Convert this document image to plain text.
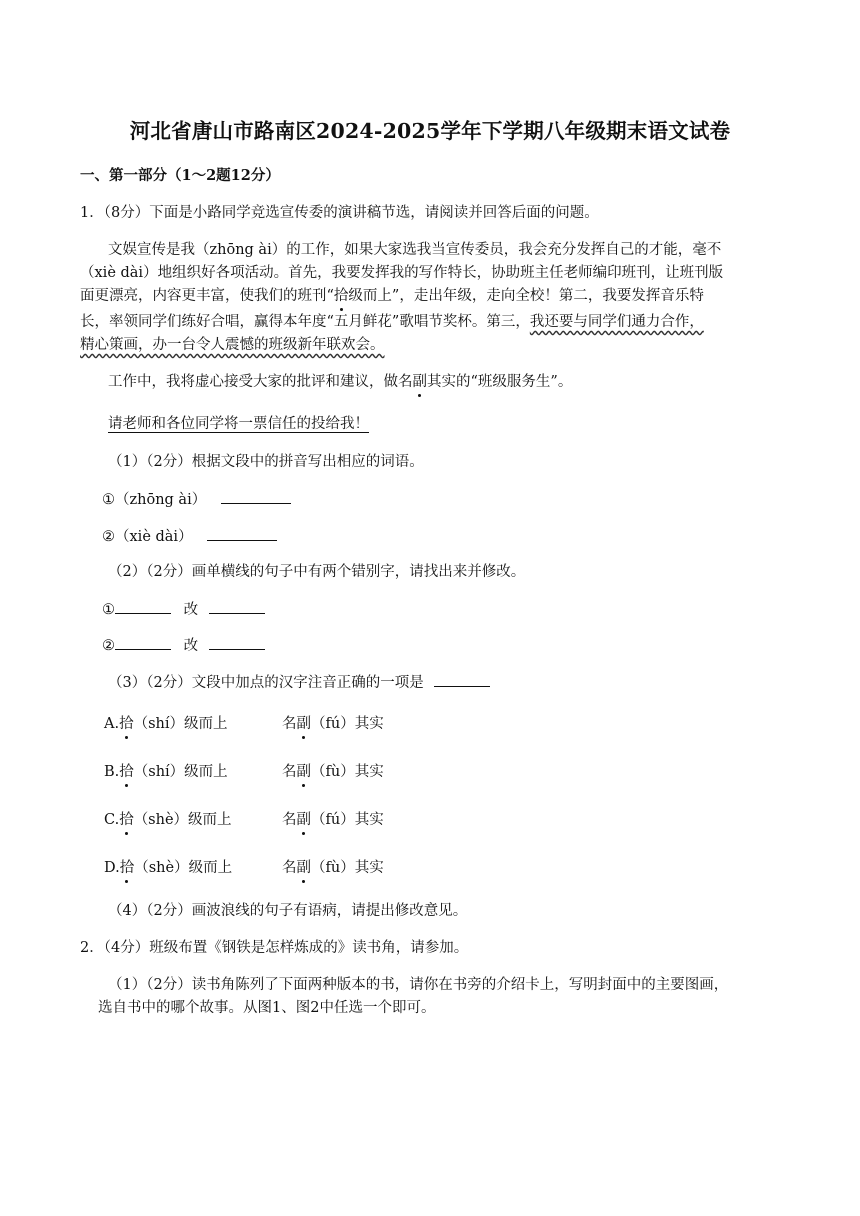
河北省唐山市路南区2024-2025学年下学期八年级期末语文试卷
一、第一部分（1～2题12分）
1．（8分）下面是小路同学竞选宣传委的演讲稿节选，请阅读并回答后面的问题。
文娱宣传是我（zhōng ài）的工作，如果大家选我当宣传委员，我会充分发挥自己的才能，毫不
（xiè dài）地组织好各项活动。首先，我要发挥我的写作特长，协助班主任老师编印班刊，让班刊版
面更漂亮，内容更丰富，使我们的班刊“拾级而上”，走出年级，走向全校！第二，我要发挥音乐特
长，率领同学们练好合唱，赢得本年度“五月鲜花”歌唱节奖杯。第三，我还要与同学们通力合作，
精心策画，办一台令人震憾的班级新年联欢会。
工作中，我将虚心接受大家的批评和建议，做名副其实的“班级服务生”。
请老师和各位同学将一票信任的投给我！
（1）（2分）根据文段中的拼音写出相应的词语。
①（zhōng ài）
②（xiè dài）
（2）（2分）画单横线的句子中有两个错别字，请找出来并修改。
①	改
②	改
（3）（2分）文段中加点的汉字注音正确的一项是
A.拾（shí）级而上	名副（fú）其实
B.拾（shí）级而上	名副（fù）其实
C.拾（shè）级而上	名副（fú）其实
D.拾（shè）级而上	名副（fù）其实
（4）（2分）画波浪线的句子有语病，请提出修改意见。
2．（4分）班级布置《钢铁是怎样炼成的》读书角，请参加。
（1）（2分）读书角陈列了下面两种版本的书，请你在书旁的介绍卡上，写明封面中的主要图画，
选自书中的哪个故事。从图1、图2中任选一个即可。
